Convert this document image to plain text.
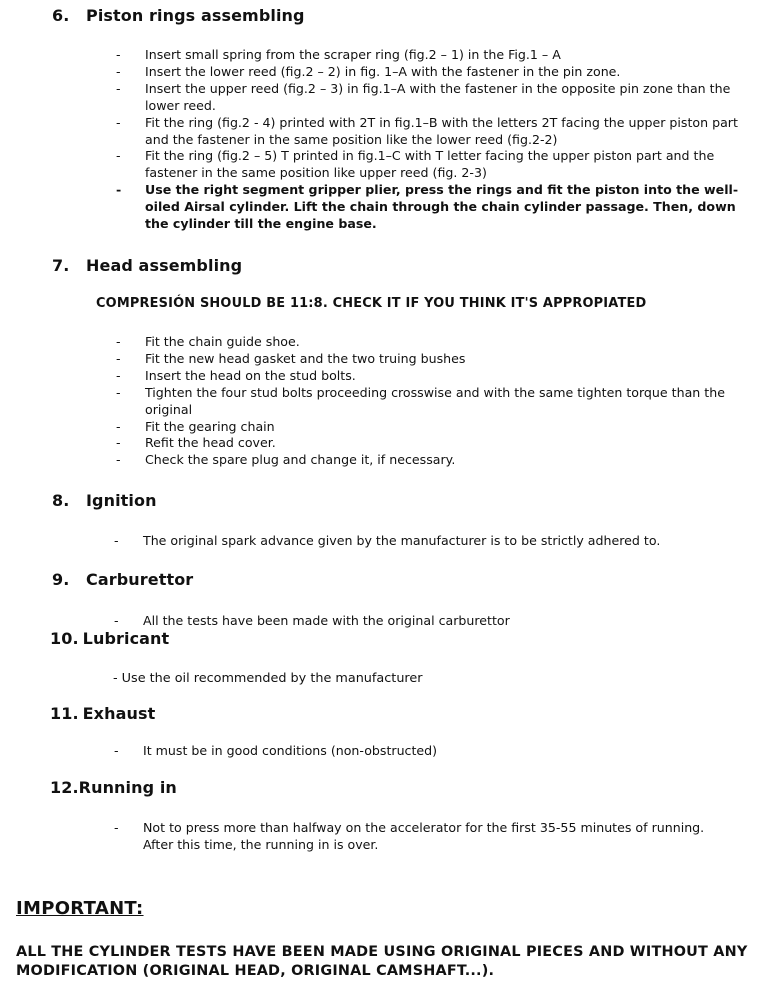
6. Piston rings assembling
- Insert small spring from the scraper ring (fig.2 – 1) in the Fig.1 – A
- Insert the lower reed (fig.2 – 2) in fig. 1–A with the fastener in the pin zone.
- Insert the upper reed (fig.2 – 3) in fig.1–A with the fastener in the opposite pin zone than the lower reed.
- Fit the ring (fig.2 - 4) printed with 2T in fig.1–B with the letters 2T facing the upper piston part and the fastener in the same position like the lower reed (fig.2-2)
- Fit the ring (fig.2 – 5) T printed in fig.1–C with T letter facing the upper piston part and the fastener in the same position like upper reed (fig. 2-3)
- Use the right segment gripper plier, press the rings and fit the piston into the well-oiled Airsal cylinder. Lift the chain through the chain cylinder passage. Then, down the cylinder till the engine base.
7. Head assembling

COMPRESIÓN SHOULD BE 11:8. CHECK IT IF YOU THINK IT'S APPROPIATED

- Fit the chain guide shoe.
- Fit the new head gasket and the two truing bushes
- Insert the head on the stud bolts.
- Tighten the four stud bolts proceeding crosswise and with the same tighten torque than the original
- Fit the gearing chain
- Refit the head cover.
- Check the spare plug and change it, if necessary.
8. Ignition
- The original spark advance given by the manufacturer is to be strictly adhered to.
9. Carburettor
- All the tests have been made with the original carburettor
10. Lubricant

- Use the oil recommended by the manufacturer

11. Exhaust
- It must be in good conditions (non-obstructed)
12.Running in
- Not to press more than halfway on the accelerator for the first 35-55 minutes of running. After this time, the running in is over.
IMPORTANT:

ALL THE CYLINDER TESTS HAVE BEEN MADE USING ORIGINAL PIECES AND WITHOUT ANY MODIFICATION (ORIGINAL HEAD, ORIGINAL CAMSHAFT...).
